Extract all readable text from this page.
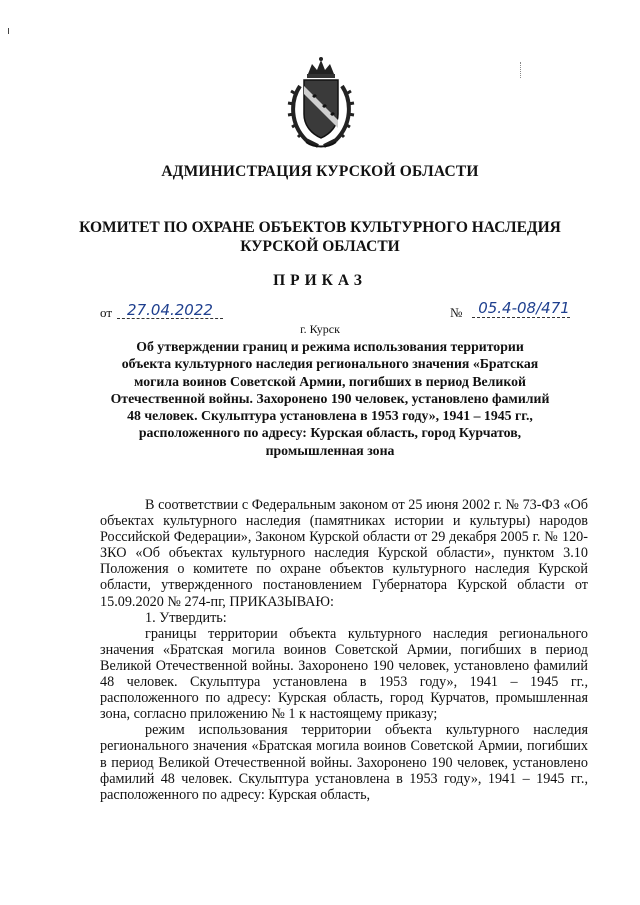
АДМИНИСТРАЦИЯ КУРСКОЙ ОБЛАСТИ
КОМИТЕТ ПО ОХРАНЕ ОБЪЕКТОВ КУЛЬТУРНОГО НАСЛЕДИЯ
КУРСКОЙ ОБЛАСТИ
ПРИКАЗ
от	27.04.2022	№ 05.4-08/471
г. Курск
Об утверждении границ и режима использования территории
объекта культурного наследия регионального значения «Братская
могила воинов Советской Армии, погибших в период Великой
Отечественной войны. Захоронено 190 человек, установлено фамилий
48 человек. Скульптура установлена в 1953 году», 1941 – 1945 гг.,
расположенного по адресу: Курская область, город Курчатов,
промышленная зона

В соответствии с Федеральным законом от 25 июня 2002 г. № 73-ФЗ «Об объектах культурного наследия (памятниках истории и культуры) народов Российской Федерации», Законом Курской области от 29 декабря 2005 г. № 120-ЗКО «Об объектах культурного наследия Курской области», пунктом 3.10 Положения о комитете по охране объектов культурного наследия Курской области, утвержденного постановлением Губернатора Курской области от 15.09.2020 № 274-пг, ПРИКАЗЫВАЮ:

1. Утвердить:

границы территории объекта культурного наследия регионального значения «Братская могила воинов Советской Армии, погибших в период Великой Отечественной войны. Захоронено 190 человек, установлено фамилий 48 человек. Скульптура установлена в 1953 году», 1941 – 1945 гг., расположенного по адресу: Курская область, город Курчатов, промышленная зона, согласно приложению № 1 к настоящему приказу;

режим использования территории объекта культурного наследия регионального значения «Братская могила воинов Советской Армии, погибших в период Великой Отечественной войны. Захоронено 190 человек, установлено фамилий 48 человек. Скульптура установлена в 1953 году», 1941 – 1945 гг., расположенного по адресу: Курская область,
